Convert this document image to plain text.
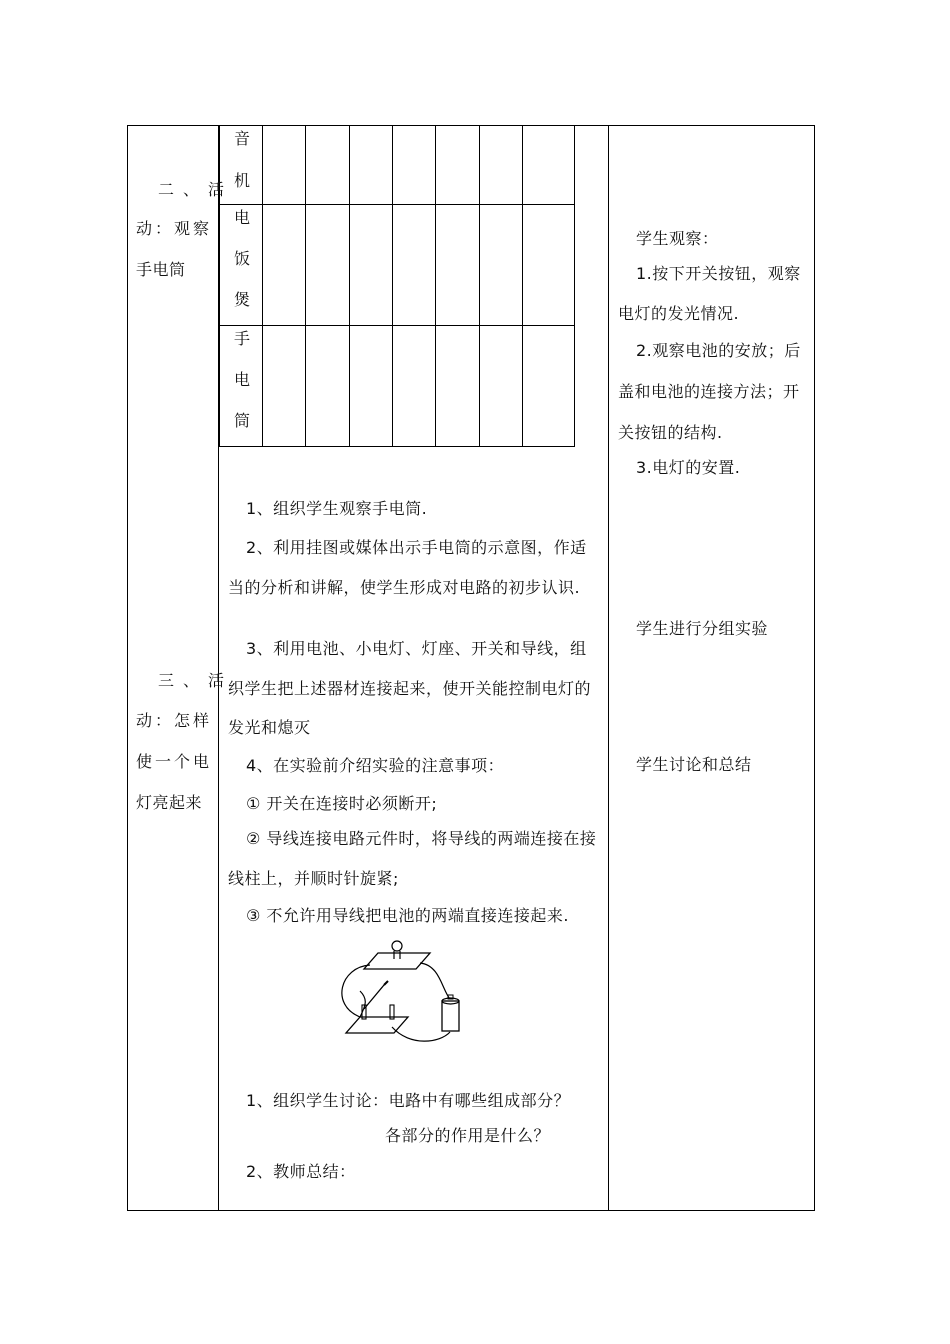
音
机
电
饭
煲
手
电
筒
二、活
动：观察
手电筒
三、活
动：怎样
使一个电
灯亮起来
1、组织学生观察手电筒.
2、利用挂图或媒体出示手电筒的示意图，作适
当的分析和讲解，使学生形成对电路的初步认识.
3、利用电池、小电灯、灯座、开关和导线，组
织学生把上述器材连接起来，使开关能控制电灯的
发光和熄灭
4、在实验前介绍实验的注意事项：
① 开关在连接时必须断开;
② 导线连接电路元件时，将导线的两端连接在接
线柱上，并顺时针旋紧;
③ 不允许用导线把电池的两端直接连接起来.
1、组织学生讨论：电路中有哪些组成部分？
各部分的作用是什么？
2、教师总结：
学生观察：
1.按下开关按钮，观察
电灯的发光情况.
2.观察电池的安放；后
盖和电池的连接方法；开
关按钮的结构.
3.电灯的安置.
学生进行分组实验
学生讨论和总结
